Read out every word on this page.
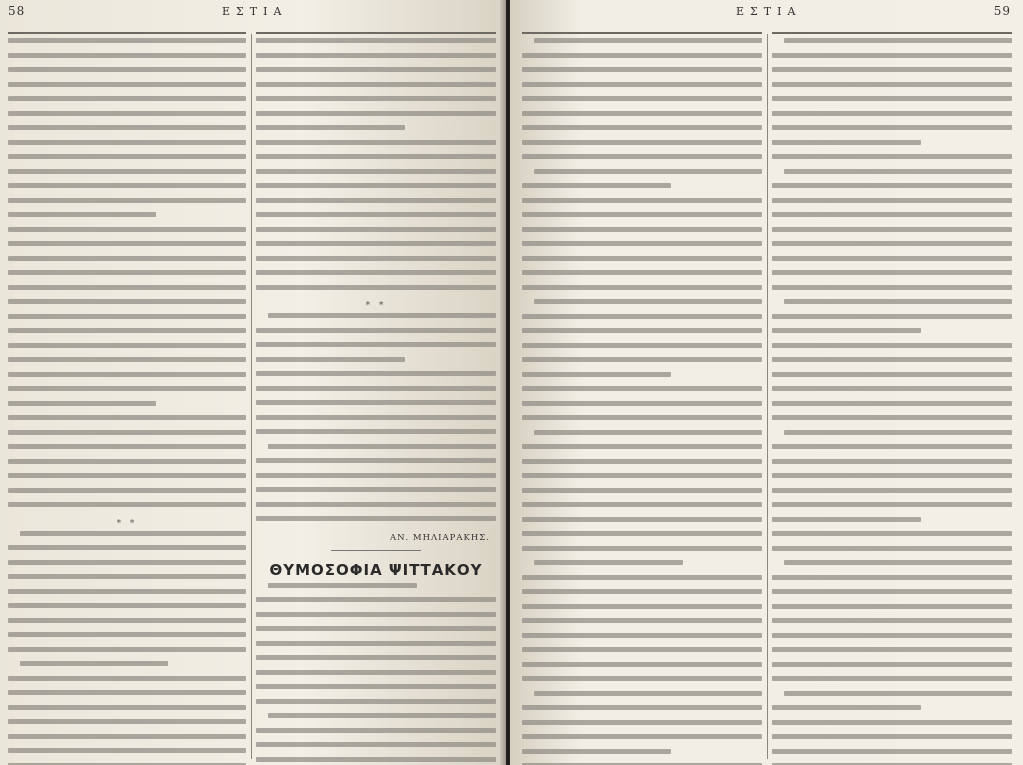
58	ΕΣΤΙΑ
* *
* *
ΑΝ. ΜΗΛΙΑΡΑΚΗΣ.
ΘΥΜΟΣΟΦΙΑ ΨΙΤΤΑΚΟΥ
ΕΣΤΙΑ	59
